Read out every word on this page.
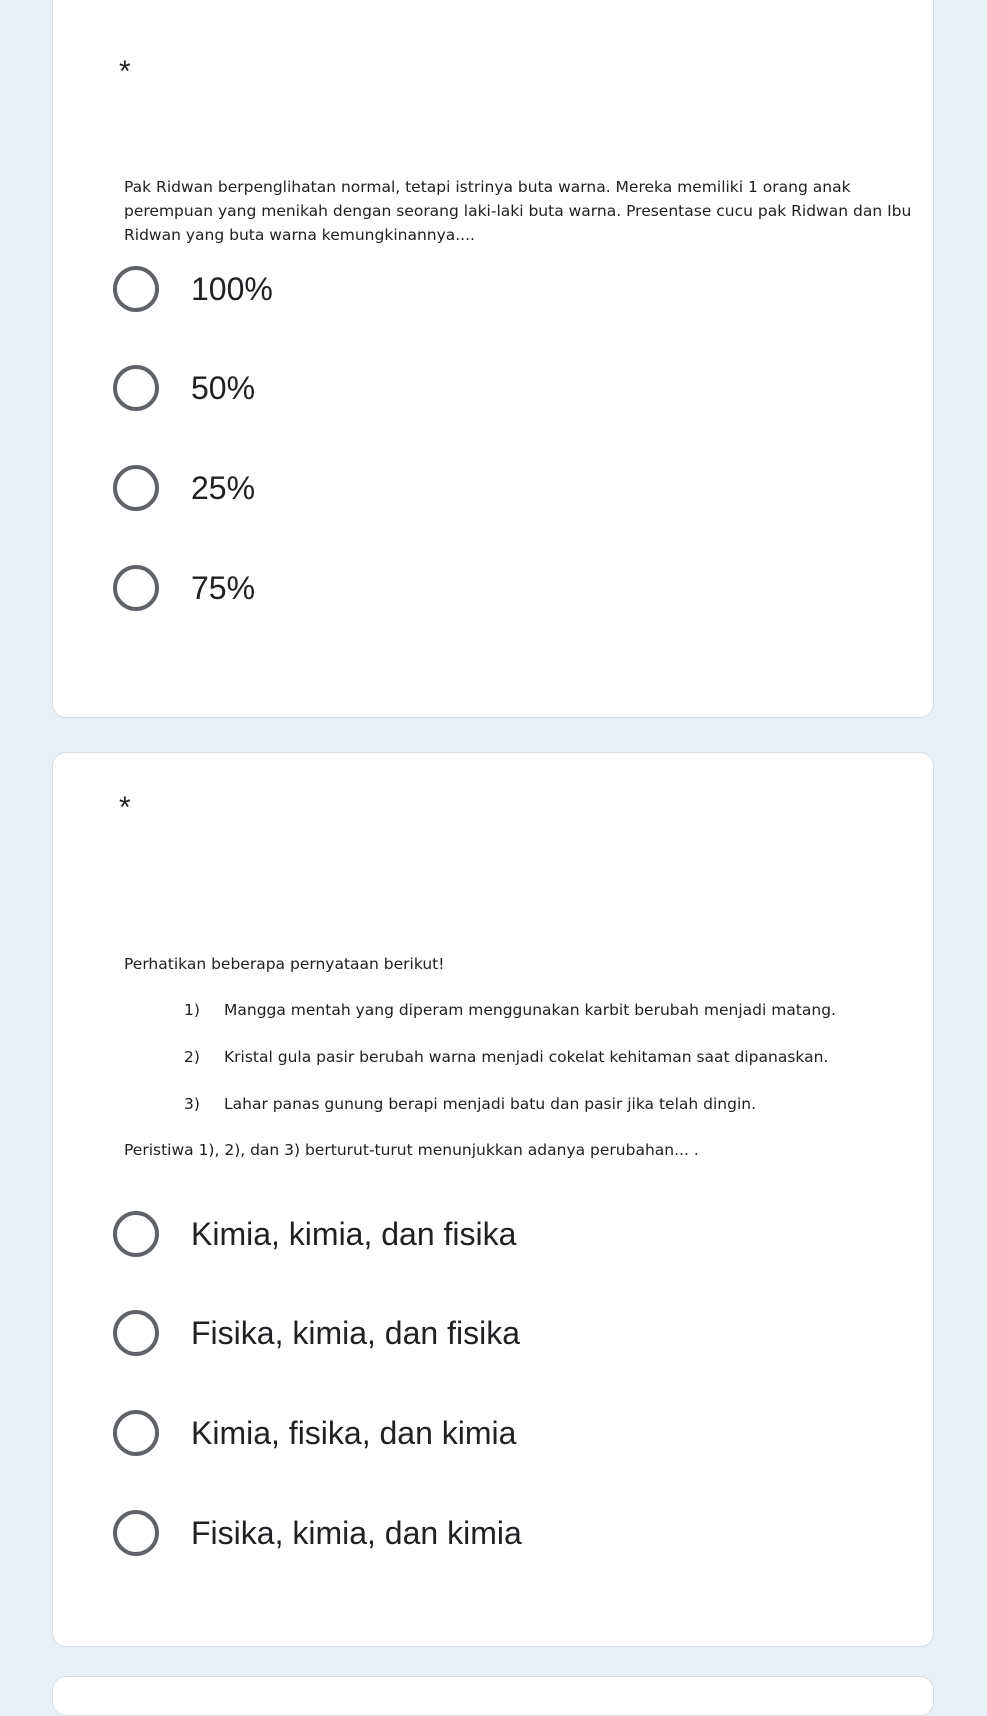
*
Pak Ridwan berpenglihatan normal, tetapi istrinya buta warna. Mereka memiliki 1 orang anak perempuan yang menikah dengan seorang laki-laki buta warna. Presentase cucu pak Ridwan dan Ibu Ridwan yang buta warna kemungkinannya....
100%
50%
25%
75%
*
Perhatikan beberapa pernyataan berikut!
1)	Mangga mentah yang diperam menggunakan karbit berubah menjadi matang.
2)	Kristal gula pasir berubah warna menjadi cokelat kehitaman saat dipanaskan.
3)	Lahar panas gunung berapi menjadi batu dan pasir jika telah dingin.
Peristiwa 1), 2), dan 3) berturut-turut menunjukkan adanya perubahan... .
Kimia, kimia, dan fisika
Fisika, kimia, dan fisika
Kimia, fisika, dan kimia
Fisika, kimia, dan kimia
